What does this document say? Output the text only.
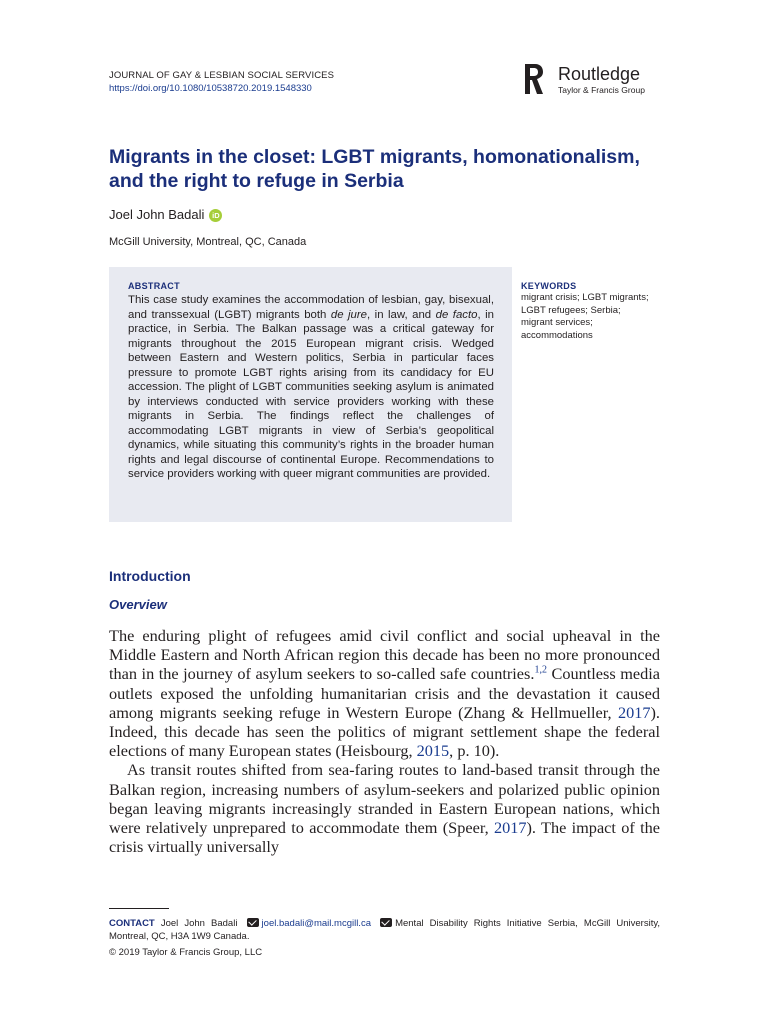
JOURNAL OF GAY & LESBIAN SOCIAL SERVICES
https://doi.org/10.1080/10538720.2019.1548330
Routledge
Taylor & Francis Group
Migrants in the closet: LGBT migrants, homonationalism, and the right to refuge in Serbia
Joel John Badali iD
McGill University, Montreal, QC, Canada
ABSTRACT
This case study examines the accommodation of lesbian, gay, bisexual, and transsexual (LGBT) migrants both de jure, in law, and de facto, in practice, in Serbia. The Balkan passage was a critical gateway for migrants throughout the 2015 European migrant crisis. Wedged between Eastern and Western politics, Serbia in particular faces pressure to promote LGBT rights arising from its candidacy for EU accession. The plight of LGBT communities seeking asylum is animated by interviews conducted with service providers working with these migrants in Serbia. The findings reflect the challenges of accommodating LGBT migrants in view of Serbia’s geopolitical dynamics, while situating this community’s rights in the broader human rights and legal discourse of continental Europe. Recommendations to service providers working with queer migrant communities are provided.
KEYWORDS
migrant crisis; LGBT migrants; LGBT refugees; Serbia; migrant services; accommodations
Introduction
Overview

The enduring plight of refugees amid civil conflict and social upheaval in the Middle Eastern and North African region this decade has been no more pronounced than in the journey of asylum seekers to so-called safe countries.$^{1,2}$ Countless media outlets exposed the unfolding humanitarian crisis and the devastation it caused among migrants seeking refuge in Western Europe (Zhang & Hellmueller, 2017). Indeed, this decade has seen the politics of migrant settlement shape the federal elections of many European states (Heisbourg, 2015, p. 10).

As transit routes shifted from sea-faring routes to land-based transit through the Balkan region, increasing numbers of asylum-seekers and polarized public opinion began leaving migrants increasingly stranded in Eastern European nations, which were relatively unprepared to accommodate them (Speer, 2017). The impact of the crisis virtually universally

CONTACT Joel John Badali	joel.badali@mail.mcgill.ca	Mental Disability Rights Initiative Serbia, McGill University, Montreal, QC, H3A 1W9 Canada.
© 2019 Taylor & Francis Group, LLC
